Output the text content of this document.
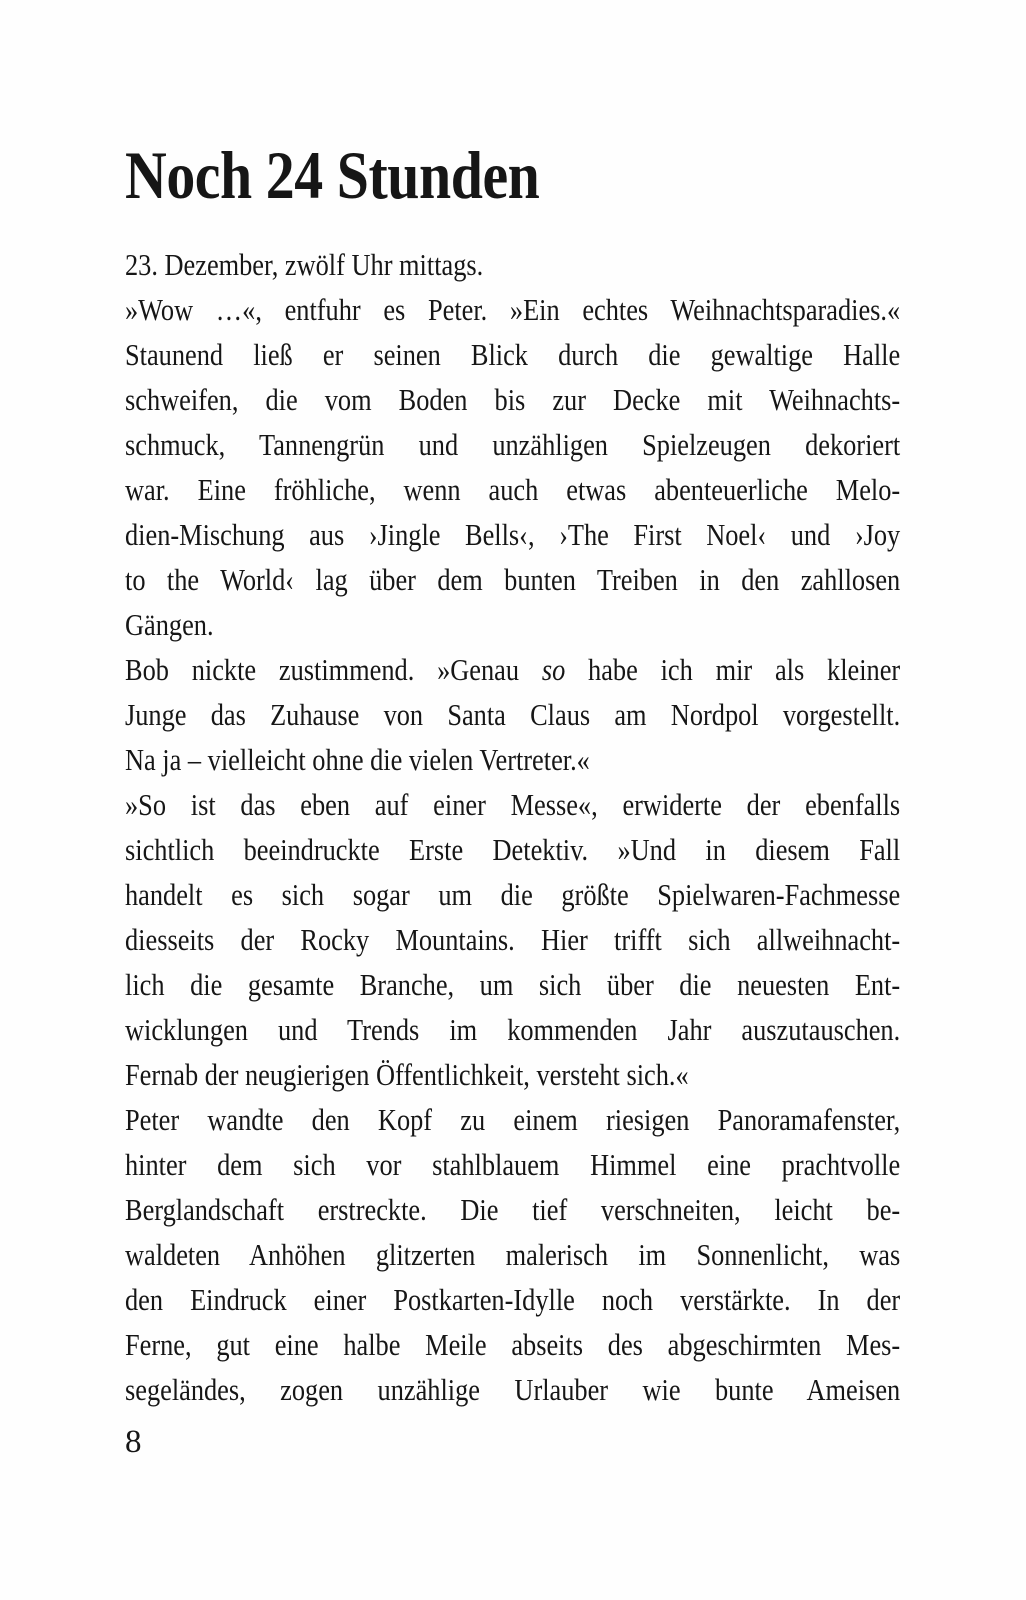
Noch 24 Stunden
23. Dezember, zwölf Uhr mittags.
»Wow …«, entfuhr es Peter. »Ein echtes Weihnachtsparadies.«
Staunend ließ er seinen Blick durch die gewaltige Halle
schweifen, die vom Boden bis zur Decke mit Weihnachts-
schmuck, Tannengrün und unzähligen Spielzeugen dekoriert
war. Eine fröhliche, wenn auch etwas abenteuerliche Melo-
dien-Mischung aus ›Jingle Bells‹, ›The First Noel‹ und ›Joy
to the World‹ lag über dem bunten Treiben in den zahllosen
Gängen.
Bob nickte zustimmend. »Genau so habe ich mir als kleiner
Junge das Zuhause von Santa Claus am Nordpol vorgestellt.
Na ja – vielleicht ohne die vielen Vertreter.«
»So ist das eben auf einer Messe«, erwiderte der ebenfalls
sichtlich beeindruckte Erste Detektiv. »Und in diesem Fall
handelt es sich sogar um die größte Spielwaren-Fachmesse
diesseits der Rocky Mountains. Hier trifft sich allweihnacht-
lich die gesamte Branche, um sich über die neuesten Ent-
wicklungen und Trends im kommenden Jahr auszutauschen.
Fernab der neugierigen Öffentlichkeit, versteht sich.«
Peter wandte den Kopf zu einem riesigen Panoramafenster,
hinter dem sich vor stahlblauem Himmel eine prachtvolle
Berglandschaft erstreckte. Die tief verschneiten, leicht be-
waldeten Anhöhen glitzerten malerisch im Sonnenlicht, was
den Eindruck einer Postkarten-Idylle noch verstärkte. In der
Ferne, gut eine halbe Meile abseits des abgeschirmten Mes-
segeländes, zogen unzählige Urlauber wie bunte Ameisen
8
